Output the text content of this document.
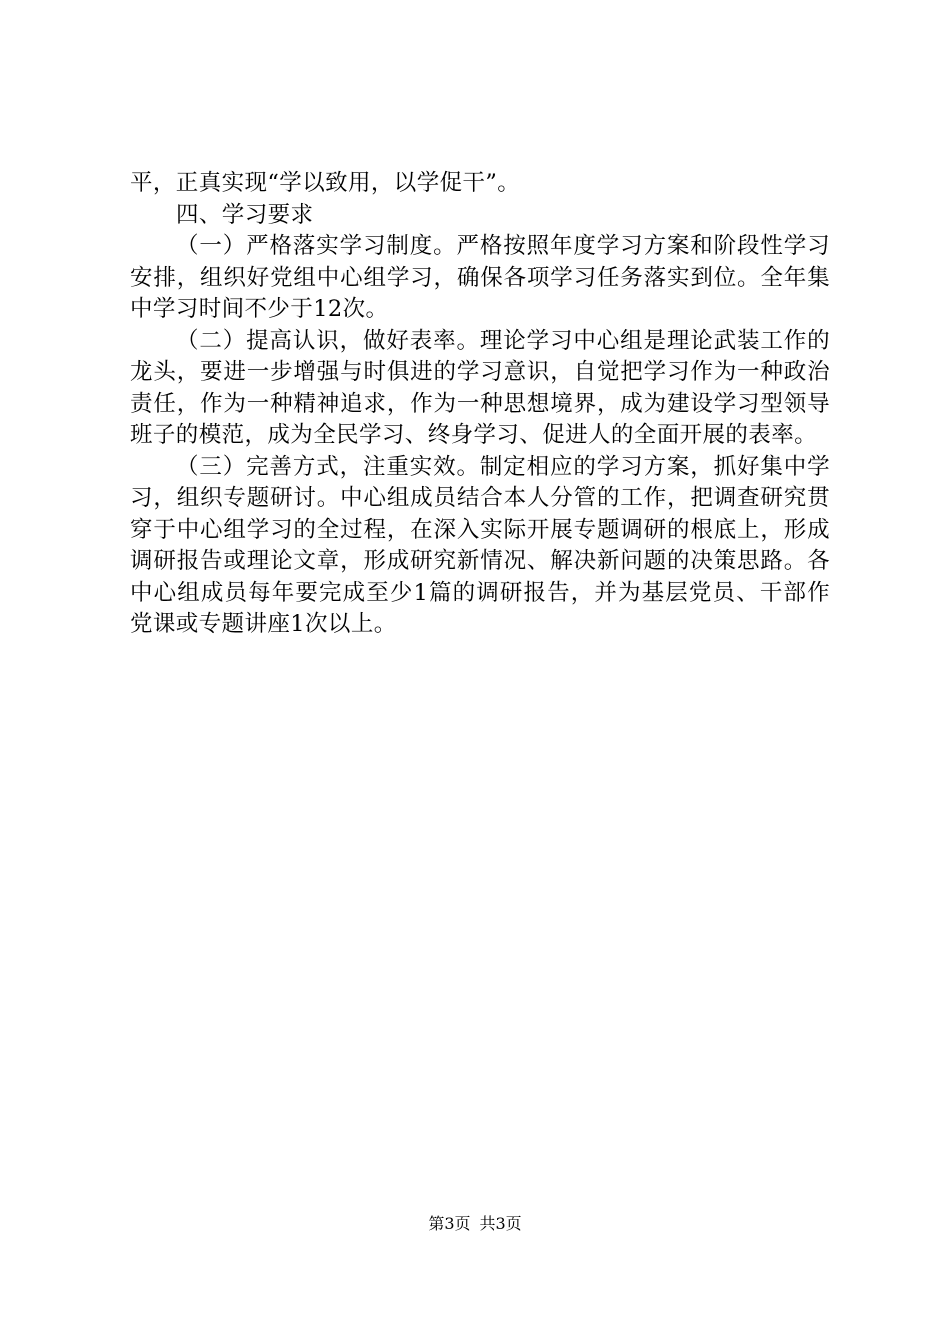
平，正真实现“学以致用，以学促干”。

四、学习要求

（一）严格落实学习制度。严格按照年度学习方案和阶段性学习安排，组织好党组中心组学习，确保各项学习任务落实到位。全年集中学习时间不少于12次。

（二）提高认识，做好表率。理论学习中心组是理论武装工作的龙头，要进一步增强与时俱进的学习意识，自觉把学习作为一种政治责任，作为一种精神追求，作为一种思想境界，成为建设学习型领导班子的模范，成为全民学习、终身学习、促进人的全面开展的表率。

（三）完善方式，注重实效。制定相应的学习方案，抓好集中学习，组织专题研讨。中心组成员结合本人分管的工作，把调查研究贯穿于中心组学习的全过程，在深入实际开展专题调研的根底上，形成调研报告或理论文章，形成研究新情况、解决新问题的决策思路。各中心组成员每年要完成至少1篇的调研报告，并为基层党员、干部作党课或专题讲座1次以上。

第3页 共3页
